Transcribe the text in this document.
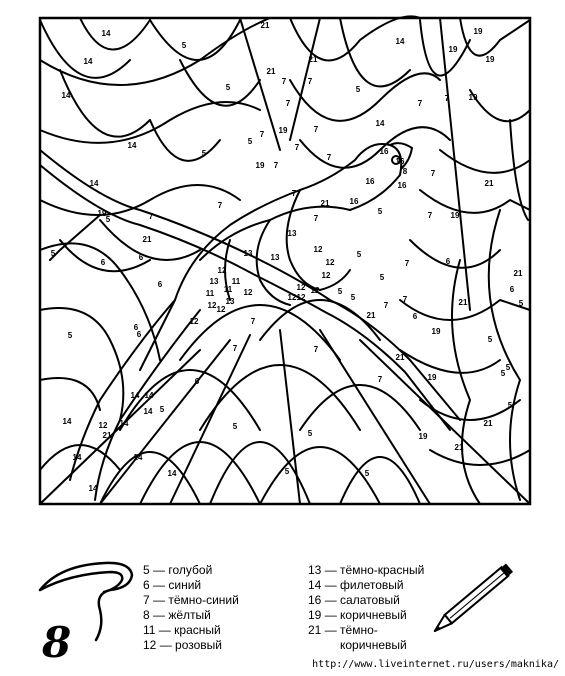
14
5
21
14
19
5
14
7
14
21
21
7
5
7
7
19
19
19
7
14
7
7
5
7
14
16
7
19
16
8
16	16
7
5
14
7
19
7
7
19	5
21
7
5
21	16
7	7 19
5
21
13
6	13	12
6
12
5
13
12	7
6	13 11
12	21
5
6
11
11	12
12	5
5
12
12 13	12
6
12
21
12	7
7	5
6
12	7
21
5
7
21
19
6
5
6
7
5
7	19	5
14 14
6
14
5
21
12 14
5
21
14
5
5	19
14
21
14
14	5
14
5
8
5 — голубой
6 — синий
7 — тёмно-синий
8 — жёлтый
11 — красный
12 — розовый
13 — тёмно-красный
14 — филетовый
16 — салатовый
19 — коричневый
21 — тёмно-
коричневый
http://www.liveinternet.ru/users/maknika/
